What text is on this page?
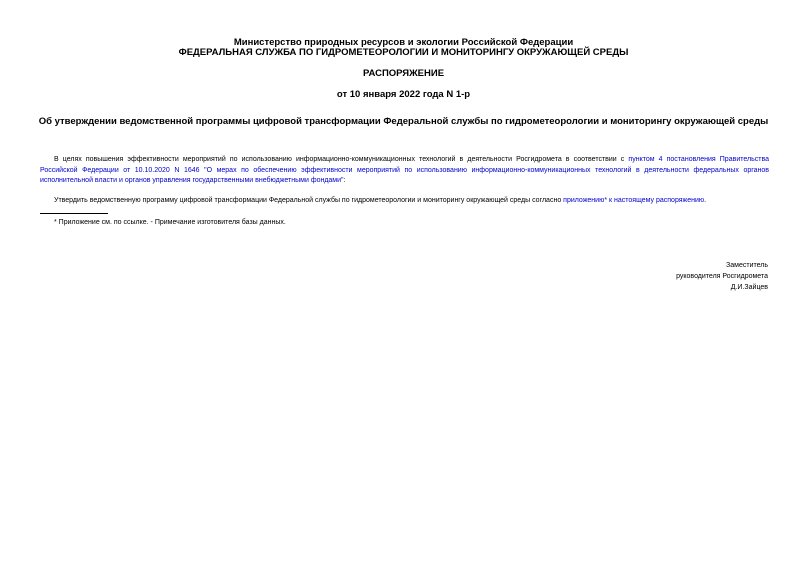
Министерство природных ресурсов и экологии Российской Федерации
ФЕДЕРАЛЬНАЯ СЛУЖБА ПО ГИДРОМЕТЕОРОЛОГИИ И МОНИТОРИНГУ ОКРУЖАЮЩЕЙ СРЕДЫ
РАСПОРЯЖЕНИЕ
от 10 января 2022 года N 1-р
Об утверждении ведомственной программы цифровой трансформации Федеральной службы по гидрометеорологии и мониторингу окружающей среды
В целях повышения эффективности мероприятий по использованию информационно-коммуникационных технологий в деятельности Росгидромета в соответствии с пунктом 4 постановления Правительства Российской Федерации от 10.10.2020 N 1646 "О мерах по обеспечению эффективности мероприятий по использованию информационно-коммуникационных технологий в деятельности федеральных органов исполнительной власти и органов управления государственными внебюджетными фондами":
Утвердить ведомственную программу цифровой трансформации Федеральной службы по гидрометеорологии и мониторингу окружающей среды согласно приложению* к настоящему распоряжению.
* Приложение см. по ссылке. - Примечание изготовителя базы данных.
Заместитель
руководителя Росгидромета
Д.И.Зайцев
